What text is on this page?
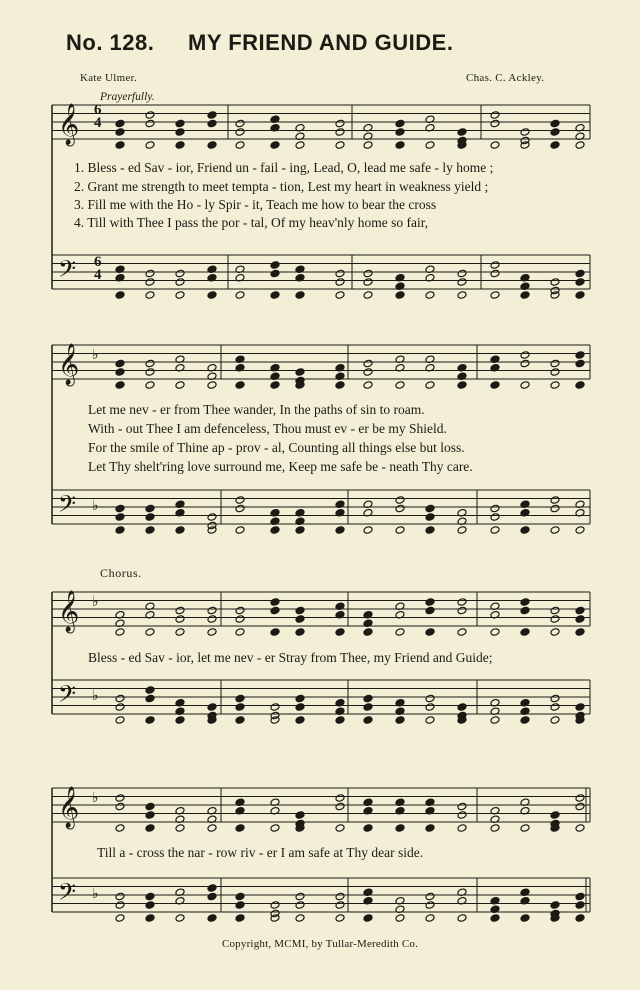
No. 128. MY FRIEND AND GUIDE.
Kate Ulmer.	Chas. C. Ackley.
Prayerfully.
𝄞
𝄢
𝄞 ♭
𝄢 ♭
𝄞 ♭
𝄢 ♭
𝄞 ♭
𝄢 ♭
6
4
6
4
1. Bless - ed Sav - ior, Friend un - fail - ing, Lead, O, lead me safe - ly home ;
2. Grant me strength to meet tempta - tion, Lest my heart in weakness yield ;
3. Fill me with the Ho - ly Spir - it, Teach me how to bear the cross
4. Till with Thee I pass the por - tal, Of my heav'nly home so fair,
Let me nev - er from Thee wander, In the paths of sin to roam.
With - out Thee I am defenceless, Thou must ev - er be my Shield.
For the smile of Thine ap - prov - al, Counting all things else but loss.
Let Thy shelt'ring love surround me, Keep me safe be - neath Thy care.
Chorus.
Bless - ed Sav - ior, let me nev - er Stray from Thee, my Friend and Guide;
Till a - cross the nar - row riv - er I am safe at Thy dear side.
Copyright, MCMI, by Tullar-Meredith Co.
